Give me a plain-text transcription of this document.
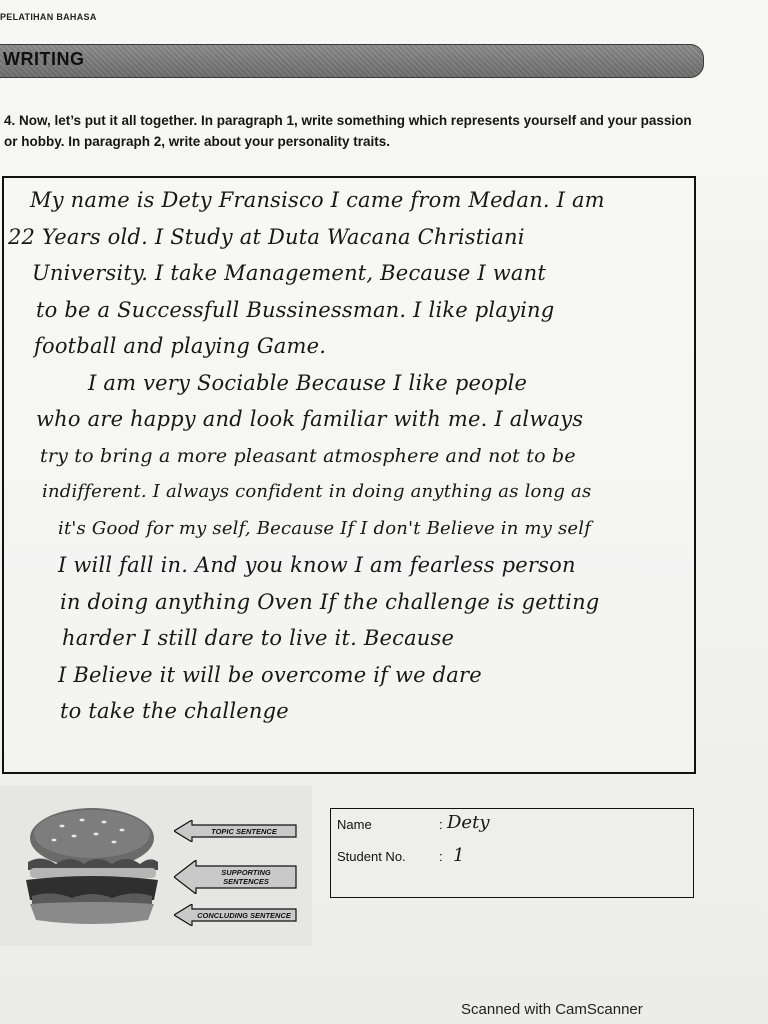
PELATIHAN BAHASA
WRITING
4. Now, let’s put it all together. In paragraph 1, write something which represents yourself and your passion or hobby. In paragraph 2, write about your personality traits.
My name is Dety Fransisco I came from Medan. I am
22 Years old. I Study at Duta Wacana Christiani
University. I take Management, Because I want
to be a Successfull Bussinessman. I like playing
football and playing Game.
I am very Sociable Because I like people
who are happy and look familiar with me. I always
try to bring a more pleasant atmosphere and not to be
indifferent. I always confident in doing anything as long as
it's Good for my self, Because If I don't Believe in my self
I will fall in. And you know I am fearless person
in doing anything Oven If the challenge is getting
harder I still dare to live it. Because
I Believe it will be overcome if we dare
to take the challenge
TOPIC SENTENCE
SUPPORTING SENTENCES
CONCLUDING SENTENCE
Name	: Dety
Student No.	: 1
Scanned with CamScanner
